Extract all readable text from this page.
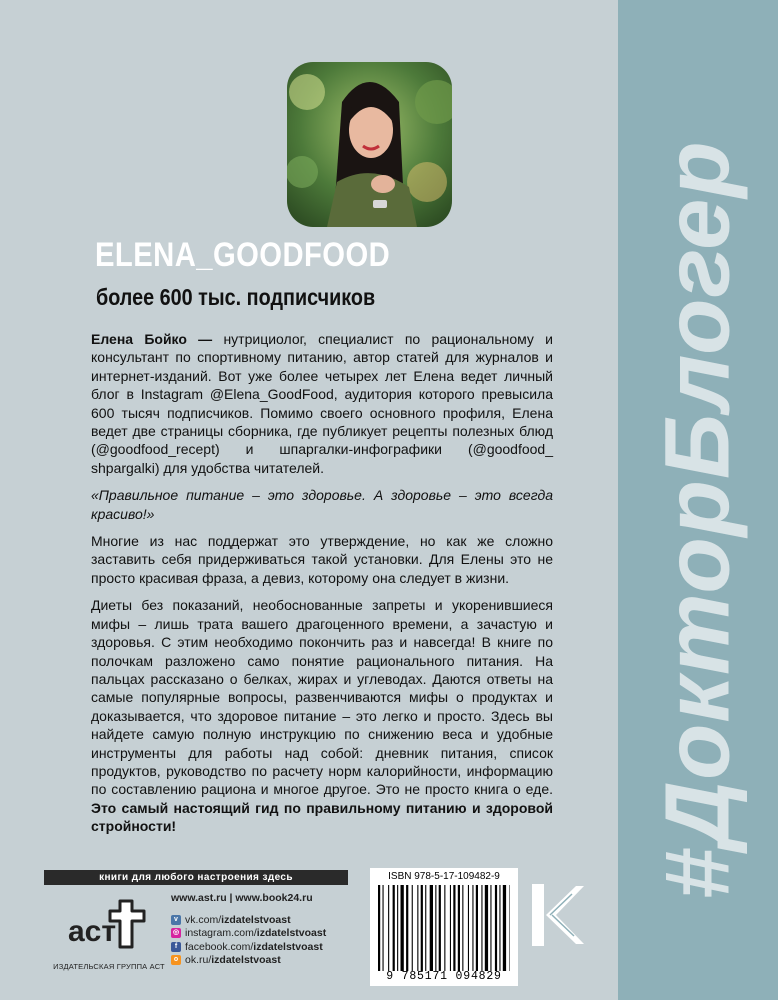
#ДокторБлогер
ELENA_GOODFOOD
более 600 тыс. подписчиков

Елена Бойко — нутрициолог, специалист по рациональному и консультант по спортивному питанию, автор статей для журналов и интернет-изданий. Вот уже более четырех лет Елена ведет личный блог в Instagram @Elena_GoodFood, аудитория которого превысила 600 тысяч подписчиков. Помимо своего основного профиля, Елена ведет две страницы сборника, где публикует рецепты полезных блюд (@goodfood_recept) и шпаргалки-инфографики (@goodfood_ shpargalki) для удобства читателей.

«Правильное питание – это здоровье. А здоровье – это всегда красиво!»

Многие из нас поддержат это утверждение, но как же сложно заставить себя придерживаться такой установки. Для Елены это не просто красивая фраза, а девиз, которому она следует в жизни.

Диеты без показаний, необоснованные запреты и укоренившиеся мифы – лишь трата вашего драгоценного времени, а зачастую и здоровья. С этим необходимо покончить раз и навсегда! В книге по полочкам разложено само понятие рационального питания. На пальцах рассказано о белках, жирах и углеводах. Даются ответы на самые популярные вопросы, развенчиваются мифы о продуктах и доказывается, что здоровое питание – это легко и просто. Здесь вы найдете самую полную инструкцию по снижению веса и удобные инструменты для работы над собой: дневник питания, список продуктов, руководство по расчету норм калорийности, информацию по составлению рациона и многое другое. Это не просто книга о еде. Это самый настоящий гид по правильному питанию и здоровой стройности!

книги для любого настроения здесь
аст
ИЗДАТЕЛЬСКАЯ ГРУППА АСТ
www.ast.ru | www.book24.ru
v vk.com/ izdatelstvoast
◎ instagram.com/ izdatelstvoast
f facebook.com/ izdatelstvoast
o ok.ru/ izdatelstvoast
ISBN 978-5-17-109482-9
9 785171 094829
